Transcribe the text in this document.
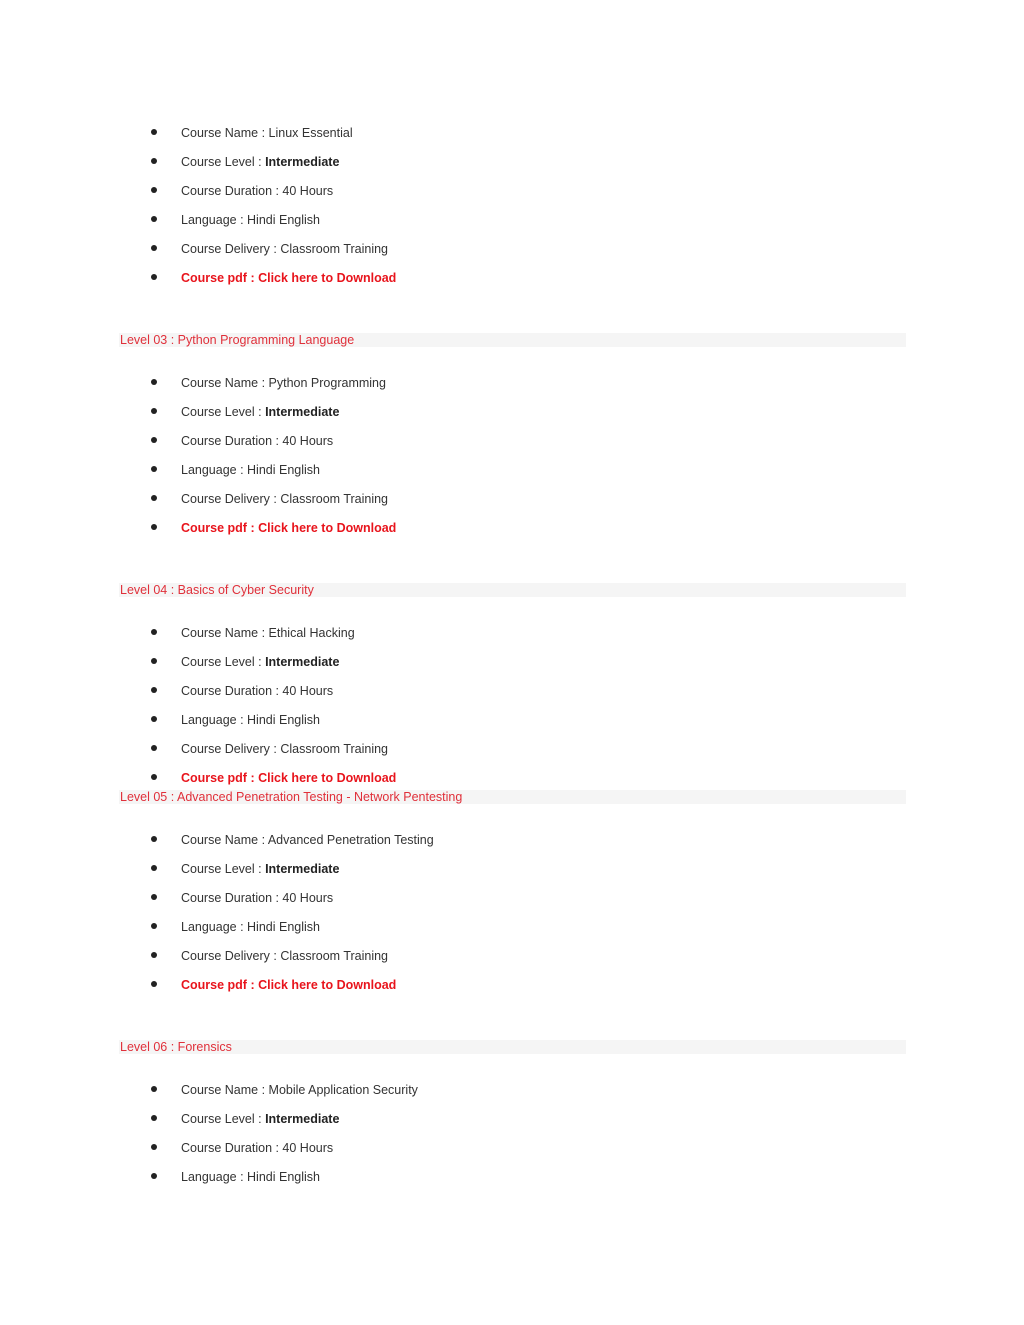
Course Name : Linux Essential
Course Level : Intermediate
Course Duration : 40 Hours
Language : Hindi English
Course Delivery : Classroom Training
Course pdf : Click here to Download
Level 03 : Python Programming Language
Course Name : Python Programming
Course Level : Intermediate
Course Duration : 40 Hours
Language : Hindi English
Course Delivery : Classroom Training
Course pdf : Click here to Download
Level 04 : Basics of Cyber Security
Course Name : Ethical Hacking
Course Level : Intermediate
Course Duration : 40 Hours
Language : Hindi English
Course Delivery : Classroom Training
Course pdf : Click here to Download
Level 05 : Advanced Penetration Testing - Network Pentesting
Course Name : Advanced Penetration Testing
Course Level : Intermediate
Course Duration : 40 Hours
Language : Hindi English
Course Delivery : Classroom Training
Course pdf : Click here to Download
Level 06 : Forensics
Course Name : Mobile Application Security
Course Level : Intermediate
Course Duration : 40 Hours
Language : Hindi English
